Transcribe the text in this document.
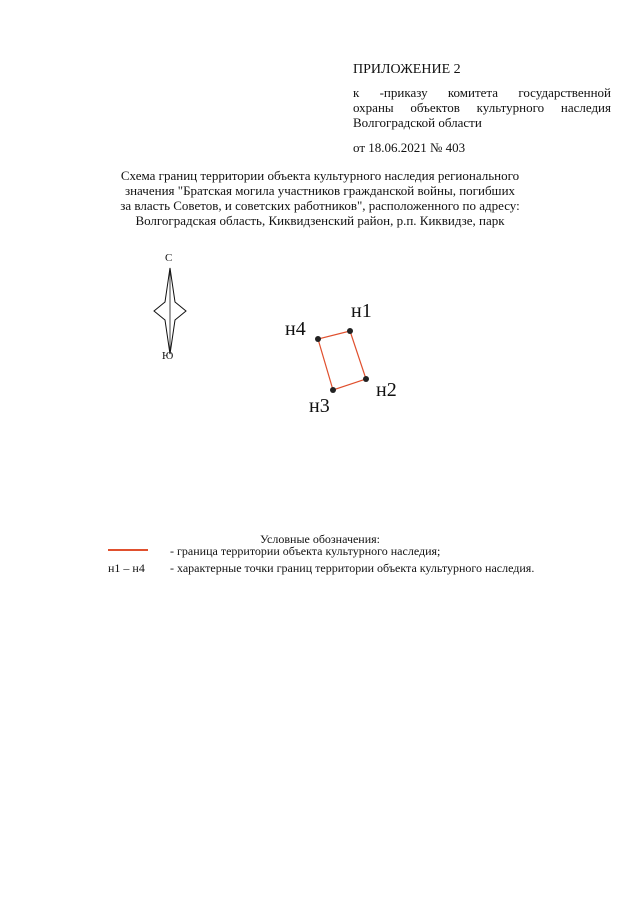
ПРИЛОЖЕНИЕ 2
к -приказу комитета государственной
охраны объектов культурного наследия
Волгоградской области
от 18.06.2021 № 403
Схема границ территории объекта культурного наследия регионального
значения "Братская могила участников гражданской войны, погибших
за власть Советов, и советских работников", расположенного по адресу:
Волгоградская область, Киквидзенский район, р.п. Киквидзе, парк
С
Ю
н1
н2
н3
н4
Условные обозначения:
- граница территории объекта культурного наследия;
н1 – н4 - характерные точки границ территории объекта культурного наследия.
